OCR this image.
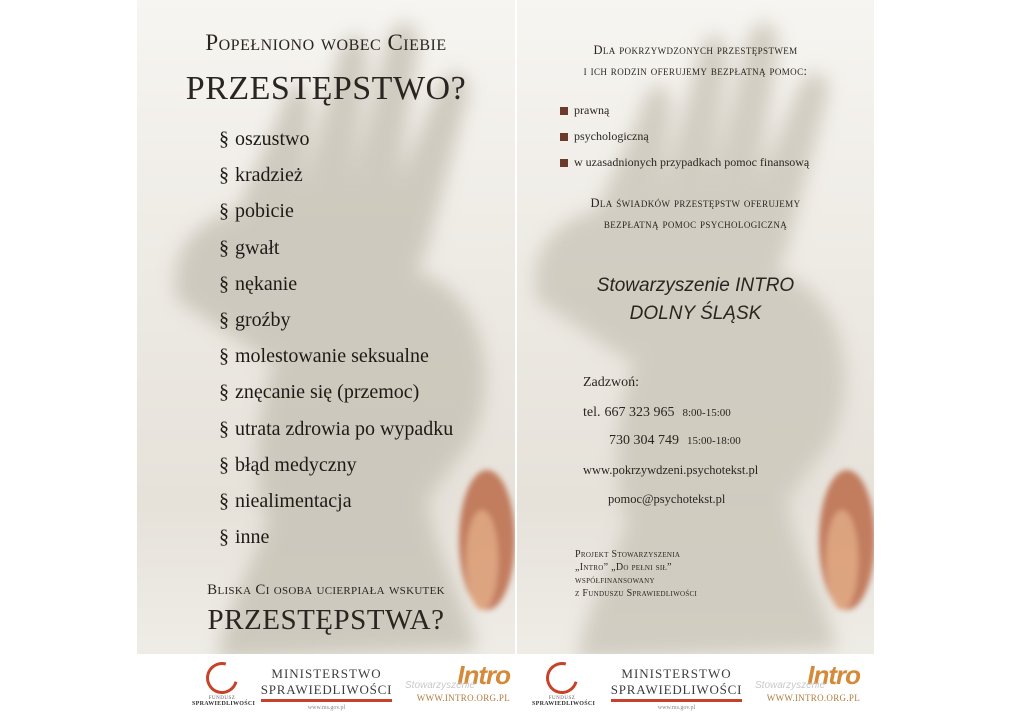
Popełniono wobec Ciebie
PRZESTĘPSTWO?
§ oszustwo
§ kradzież
§ pobicie
§ gwałt
§ nękanie
§ groźby
§ molestowanie seksualne
§ znęcanie się (przemoc)
§ utrata zdrowia po wypadku
§ błąd medyczny
§ niealimentacja
§ inne
Bliska Ci osoba ucierpiała wskutek
PRZESTĘPSTWA?
Dla pokrzywdzonych przestępstwem
i ich rodzin oferujemy bezpłatną pomoc:
prawną
psychologiczną
w uzasadnionych przypadkach pomoc finansową
Dla świadków przestępstw oferujemy
bezpłatną pomoc psychologiczną
Stowarzyszenie INTRO
DOLNY ŚLĄSK
Zadzwoń:
tel. 667 323 965 8:00-15:00
730 304 749 15:00-18:00
www.pokrzywdzeni.psychotekst.pl
pomoc@psychotekst.pl
Projekt Stowarzyszenia
„Intro” „Do pełni sił”
współfinansowany
z Funduszu Sprawiedliwości
FUNDUSZ
SPRAWIEDLIWOŚCI
MINISTERSTWO
SPRAWIEDLIWOŚCI
www.ms.gov.pl
Stowarzyszenie
Intro
WWW.INTRO.ORG.PL	FUNDUSZ
SPRAWIEDLIWOŚCI
MINISTERSTWO
SPRAWIEDLIWOŚCI
www.ms.gov.pl
Stowarzyszenie
Intro
WWW.INTRO.ORG.PL
